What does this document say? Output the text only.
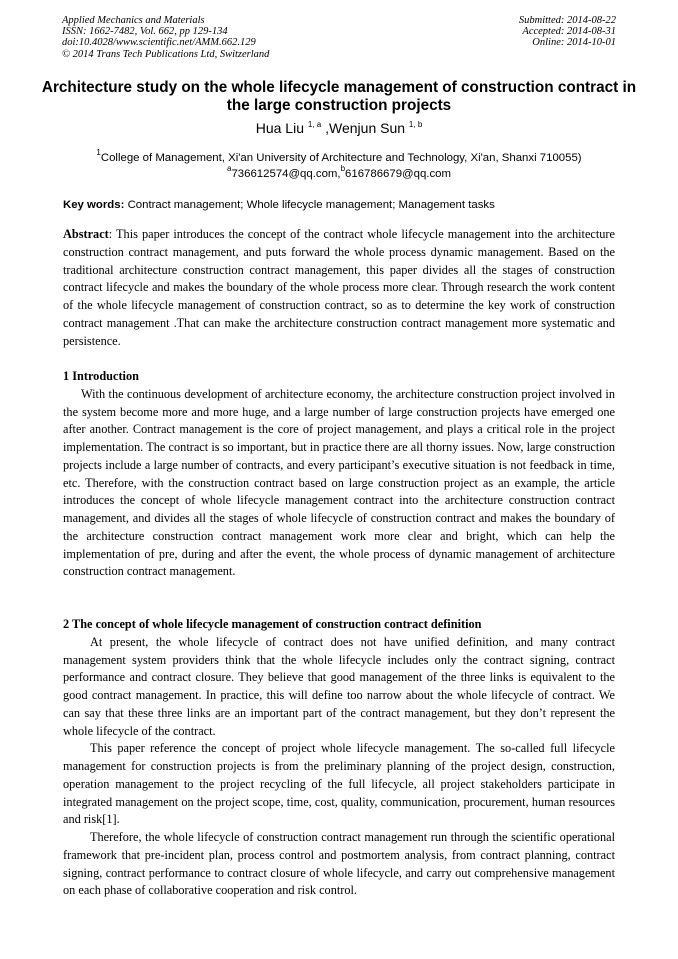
Applied Mechanics and Materials
ISSN: 1662-7482, Vol. 662, pp 129-134
doi:10.4028/www.scientific.net/AMM.662.129
© 2014 Trans Tech Publications Ltd, Switzerland
Submitted: 2014-08-22
Accepted: 2014-08-31
Online: 2014-10-01
Architecture study on the whole lifecycle management of construction contract in the large construction projects
Hua Liu $^{1, a}$ ,Wenjun Sun $^{1, b}$
$^1$College of Management, Xi'an University of Architecture and Technology, Xi'an, Shanxi 710055)
$^a$736612574@qq.com,$^b$616786679@qq.com
Key words: Contract management; Whole lifecycle management; Management tasks

Abstract: This paper introduces the concept of the contract whole lifecycle management into the architecture construction contract management, and puts forward the whole process dynamic management. Based on the traditional architecture construction contract management, this paper divides all the stages of construction contract lifecycle and makes the boundary of the whole process more clear. Through research the work content of the whole lifecycle management of construction contract, so as to determine the key work of construction contract management .That can make the architecture construction contract management more systematic and persistence.

1 Introduction

With the continuous development of architecture economy, the architecture construction project involved in the system become more and more huge, and a large number of large construction projects have emerged one after another. Contract management is the core of project management, and plays a critical role in the project implementation. The contract is so important, but in practice there are all thorny issues. Now, large construction projects include a large number of contracts, and every participant’s executive situation is not feedback in time, etc. Therefore, with the construction contract based on large construction project as an example, the article introduces the concept of whole lifecycle management contract into the architecture construction contract management, and divides all the stages of whole lifecycle of construction contract and makes the boundary of the architecture construction contract management work more clear and bright, which can help the implementation of pre, during and after the event, the whole process of dynamic management of architecture construction contract management.

2 The concept of whole lifecycle management of construction contract definition

At present, the whole lifecycle of contract does not have unified definition, and many contract management system providers think that the whole lifecycle includes only the contract signing, contract performance and contract closure. They believe that good management of the three links is equivalent to the good contract management. In practice, this will define too narrow about the whole lifecycle of contract. We can say that these three links are an important part of the contract management, but they don’t represent the whole lifecycle of the contract.

This paper reference the concept of project whole lifecycle management. The so-called full lifecycle management for construction projects is from the preliminary planning of the project design, construction, operation management to the project recycling of the full lifecycle, all project stakeholders participate in integrated management on the project scope, time, cost, quality, communication, procurement, human resources and risk[1].

Therefore, the whole lifecycle of construction contract management run through the scientific operational framework that pre-incident plan, process control and postmortem analysis, from contract planning, contract signing, contract performance to contract closure of whole lifecycle, and carry out comprehensive management on each phase of collaborative cooperation and risk control.
